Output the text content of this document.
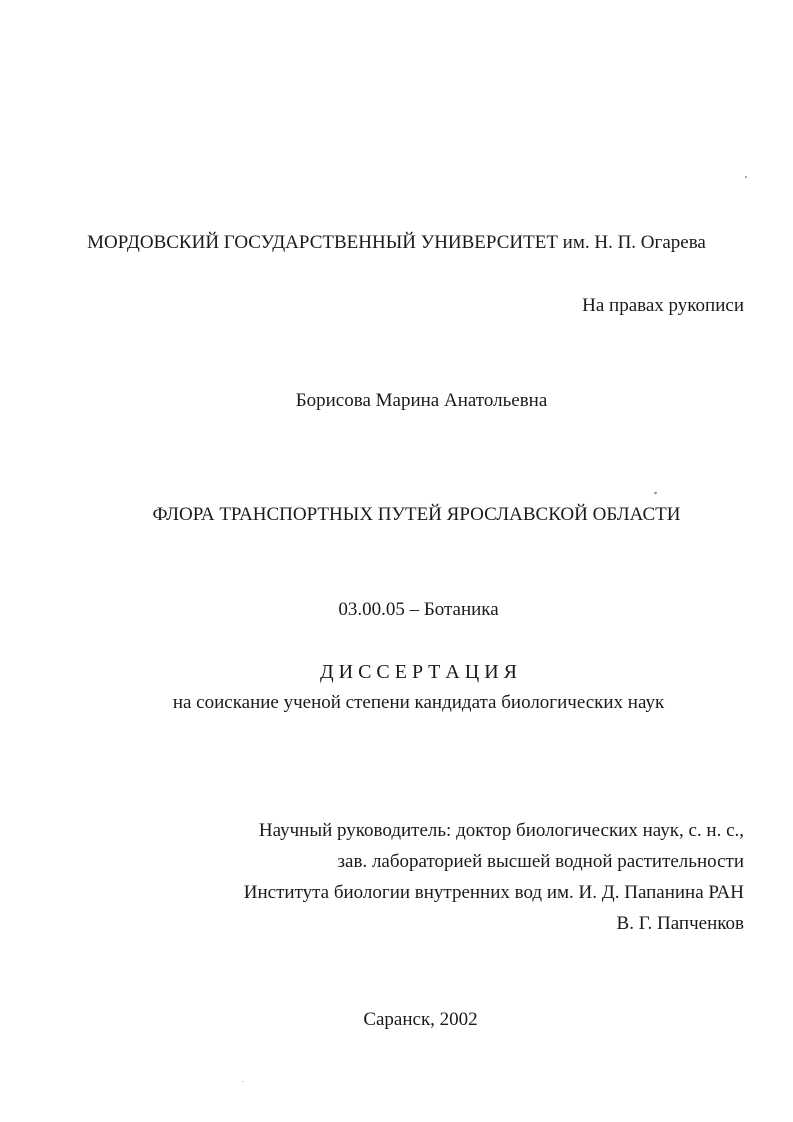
МОРДОВСКИЙ ГОСУДАРСТВЕННЫЙ УНИВЕРСИТЕТ им. Н. П. Огарева
На правах рукописи
Борисова Марина Анатольевна
ФЛОРА ТРАНСПОРТНЫХ ПУТЕЙ ЯРОСЛАВСКОЙ ОБЛАСТИ
03.00.05 – Ботаника
Д И С С Е Р Т А Ц И Я
на соискание ученой степени кандидата биологических наук
Научный руководитель: доктор биологических наук, с. н. с.,
зав. лабораторией высшей водной растительности
Института биологии внутренних вод им. И. Д. Папанина РАН
В. Г. Папченков
Саранск, 2002
